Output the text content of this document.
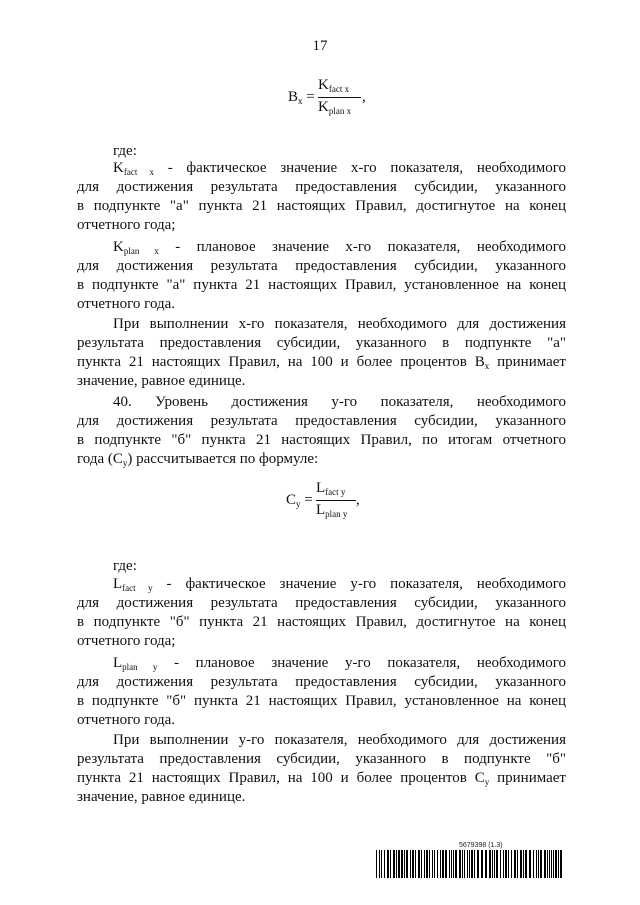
17
$B_x$ =
$K_{fact x}$
$K_{plan x}$
,
где:
$K_{fact x}$ - фактическое значение х-го показателя, необходимого
для достижения результата предоставления субсидии, указанного
в подпункте "а" пункта 21 настоящих Правил, достигнутое на конец
отчетного года;
$K_{plan x}$ - плановое значение х-го показателя, необходимого
для достижения результата предоставления субсидии, указанного
в подпункте "а" пункта 21 настоящих Правил, установленное на конец
отчетного года.
При выполнении х-го показателя, необходимого для достижения
результата предоставления субсидии, указанного в подпункте "а"
пункта 21 настоящих Правил, на 100 и более процентов $B_x$ принимает
значение, равное единице.
40. Уровень достижения у-го показателя, необходимого
для достижения результата предоставления субсидии, указанного
в подпункте "б" пункта 21 настоящих Правил, по итогам отчетного
года $(C_y)$ рассчитывается по формуле:
$C_y$ =
$L_{fact y}$
$L_{plan y}$
,
где:
$L_{fact y}$ - фактическое значение у-го показателя, необходимого
для достижения результата предоставления субсидии, указанного
в подпункте "б" пункта 21 настоящих Правил, достигнутое на конец
отчетного года;
$L_{plan y}$ - плановое значение у-го показателя, необходимого
для достижения результата предоставления субсидии, указанного
в подпункте "б" пункта 21 настоящих Правил, установленное на конец
отчетного года.
При выполнении у-го показателя, необходимого для достижения
результата предоставления субсидии, указанного в подпункте "б"
пункта 21 настоящих Правил, на 100 и более процентов $C_y$ принимает
значение, равное единице.
5679398 (1.3)
